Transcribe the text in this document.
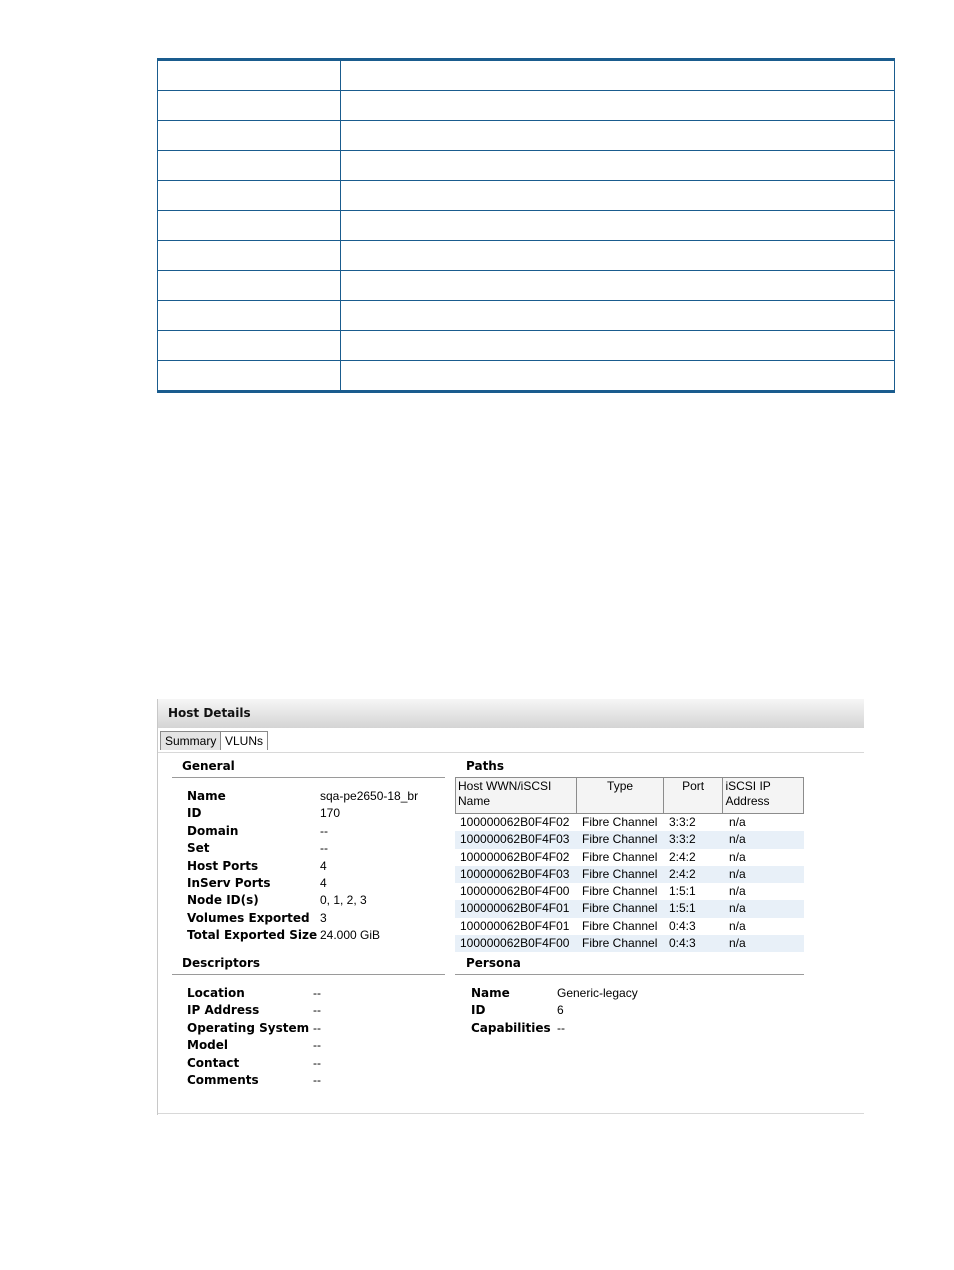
Host Details
Summary VLUNs
General
Name	sqa-pe2650-18_br
ID	170
Domain	--
Set	--
Host Ports	4
InServ Ports	4
Node ID(s)	0, 1, 2, 3
Volumes Exported 3
Total Exported Size 24.000 GiB
Descriptors
Location	--
IP Address	--
Operating System --
Model	--
Contact	--
Comments	--
Paths
Host WWN/iSCSI Name
Type	Port	iSCSI IP Address
100000062B0F4F02	Fibre Channel 3:3:2	n/a
100000062B0F4F03	Fibre Channel 3:3:2	n/a
100000062B0F4F02	Fibre Channel 2:4:2	n/a
100000062B0F4F03	Fibre Channel 2:4:2	n/a
100000062B0F4F00	Fibre Channel 1:5:1	n/a
100000062B0F4F01	Fibre Channel 1:5:1	n/a
100000062B0F4F01	Fibre Channel 0:4:3	n/a
100000062B0F4F00	Fibre Channel 0:4:3	n/a
Persona
Name	Generic-legacy
ID	6
Capabilities --
